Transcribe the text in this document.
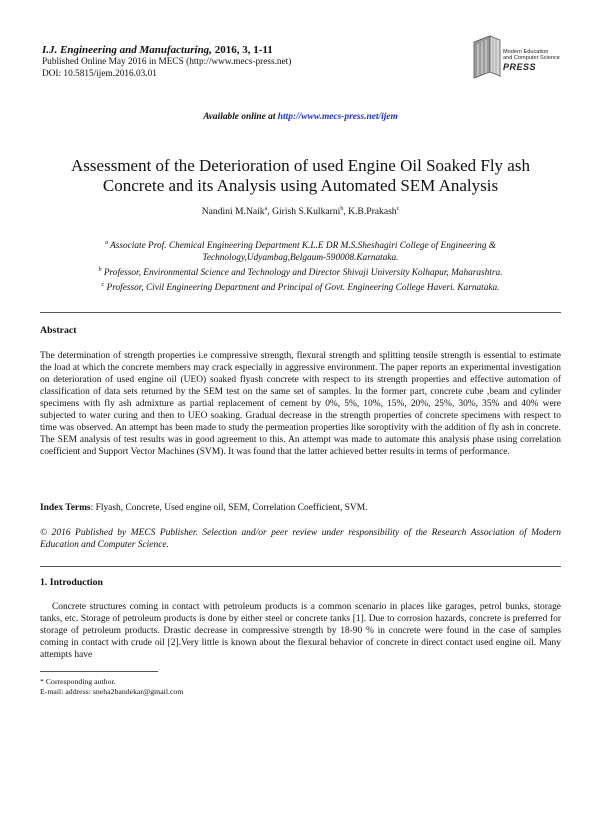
I.J. Engineering and Manufacturing, 2016, 3, 1-11
Published Online May 2016 in MECS (http://www.mecs-press.net)
DOI: 10.5815/ijem.2016.03.01
Modern Education
and Computer Science
PRESS
Available online at http://www.mecs-press.net/ijem
Assessment of the Deterioration of used Engine Oil Soaked Fly ash Concrete and its Analysis using Automated SEM Analysis
Nandini M.Naik$^a$, Girish S.Kulkarni$^b$, K.B.Prakash$^c$
$^a$ Associate Prof. Chemical Engineering Department K.L.E DR M.S.Sheshagiri College of Engineering & Technology,Udyambag,Belgaum-590008.Karnataka.
$^b$ Professor, Environmental Science and Technology and Director Shivaji University Kolhapur, Maharashtra.
$^c$ Professor, Civil Engineering Department and Principal of Govt. Engineering College Haveri. Karnataka.
Abstract
The determination of strength properties i.e compressive strength, flexural strength and splitting tensile strength is essential to estimate the load at which the concrete members may crack especially in aggressive environment. The paper reports an experimental investigation on deterioration of used engine oil (UEO) soaked flyash concrete with respect to its strength properties and effective automation of classification of data sets returned by the SEM test on the same set of samples. In the former part, concrete cube ,beam and cylinder specimens with fly ash admixture as partial replacement of cement by 0%, 5%, 10%, 15%, 20%, 25%, 30%, 35% and 40% were subjected to water curing and then to UEO soaking. Gradual decrease in the strength properties of concrete specimens with respect to time was observed. An attempt has been made to study the permeation properties like soroptivity with the addition of fly ash in concrete. The SEM analysis of test results was in good agreement to this. An attempt was made to automate this analysis phase using correlation coefficient and Support Vector Machines (SVM). It was found that the latter achieved better results in terms of performance.
Index Terms: Flyash, Concrete, Used engine oil, SEM, Correlation Coefficient, SVM.
© 2016 Published by MECS Publisher. Selection and/or peer review under responsibility of the Research Association of Modern Education and Computer Science.
1. Introduction
Concrete structures coming in contact with petroleum products is a common scenario in places like garages, petrol bunks, storage tanks, etc. Storage of petroleum products is done by either steel or concrete tanks [1]. Due to corrosion hazards, concrete is preferred for storage of petroleum products. Drastic decrease in compressive strength by 18-90 % in concrete were found in the case of samples coming in contact with crude oil [2].Very little is known about the flexural behavior of concrete in direct contact used engine oil. Many attempts have
* Corresponding author.
E-mail: address: sneha2bandekar@gmail.com
